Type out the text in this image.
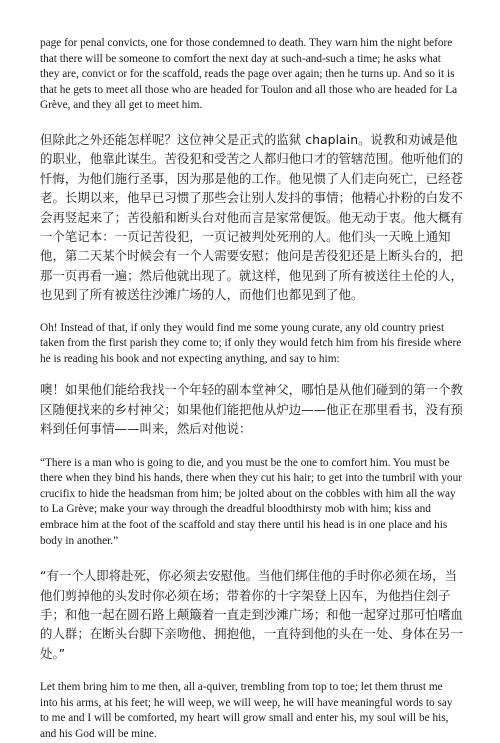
page for penal convicts, one for those condemned to death. They warn him the night before that there will be someone to comfort the next day at such-and-such a time; he asks what they are, convict or for the scaffold, reads the page over again; then he turns up. And so it is that he gets to meet all those who are headed for Toulon and all those who are headed for La Grève, and they all get to meet him.

但除此之外还能怎样呢？这位神父是正式的监狱 chaplain。说教和劝诫是他的职业，他靠此谋生。苦役犯和受苦之人都归他口才的管辖范围。他听他们的忏悔，为他们施行圣事，因为那是他的工作。他见惯了人们走向死亡，已经苍老。长期以来，他早已习惯了那些会让别人发抖的事情；他精心扑粉的白发不会再竖起来了；苦役船和断头台对他而言是家常便饭。他无动于衷。他大概有一个笔记本：一页记苦役犯，一页记被判处死刑的人。他们头一天晚上通知他，第二天某个时候会有一个人需要安慰；他问是苦役犯还是上断头台的，把那一页再看一遍；然后他就出现了。就这样，他见到了所有被送往土伦的人，也见到了所有被送往沙滩广场的人，而他们也都见到了他。

Oh! Instead of that, if only they would find me some young curate, any old country priest taken from the first parish they come to; if only they would fetch him from his fireside where he is reading his book and not expecting anything, and say to him:

噢！如果他们能给我找一个年轻的副本堂神父，哪怕是从他们碰到的第一个教区随便找来的乡村神父；如果他们能把他从炉边——他正在那里看书，没有预料到任何事情——叫来，然后对他说：

“There is a man who is going to die, and you must be the one to comfort him. You must be there when they bind his hands, there when they cut his hair; to get into the tumbril with your crucifix to hide the headsman from him; be jolted about on the cobbles with him all the way to La Grève; make your way through the dreadful bloodthirsty mob with him; kiss and embrace him at the foot of the scaffold and stay there until his head is in one place and his body in another.”

“有一个人即将赴死，你必须去安慰他。当他们绑住他的手时你必须在场，当他们剪掉他的头发时你必须在场；带着你的十字架登上囚车，为他挡住刽子手；和他一起在圆石路上颠簸着一直走到沙滩广场；和他一起穿过那可怕嗜血的人群；在断头台脚下亲吻他、拥抱他，一直待到他的头在一处、身体在另一处。”

Let them bring him to me then, all a-quiver, trembling from top to toe; let them thrust me into his arms, at his feet; he will weep, we will weep, he will have meaningful words to say to me and I will be comforted, my heart will grow small and enter his, my soul will be his, and his God will be mine.
